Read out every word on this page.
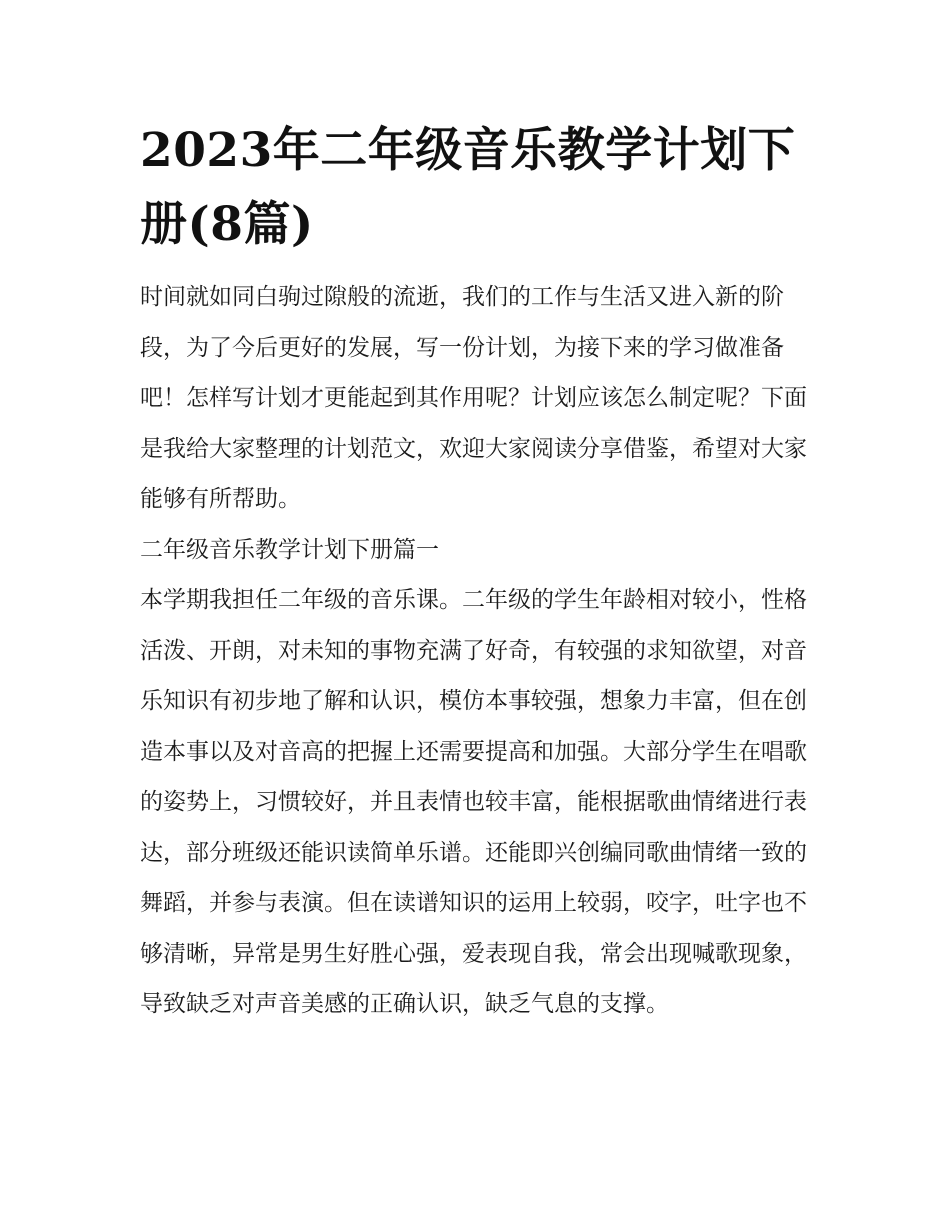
2023年二年级音乐教学计划下册(8篇)

时间就如同白驹过隙般的流逝，我们的工作与生活又进入新的阶段，为了今后更好的发展，写一份计划，为接下来的学习做准备吧！怎样写计划才更能起到其作用呢？计划应该怎么制定呢？下面是我给大家整理的计划范文，欢迎大家阅读分享借鉴，希望对大家能够有所帮助。

二年级音乐教学计划下册篇一

本学期我担任二年级的音乐课。二年级的学生年龄相对较小，性格活泼、开朗，对未知的事物充满了好奇，有较强的求知欲望，对音乐知识有初步地了解和认识，模仿本事较强，想象力丰富，但在创造本事以及对音高的把握上还需要提高和加强。大部分学生在唱歌的姿势上，习惯较好，并且表情也较丰富，能根据歌曲情绪进行表达，部分班级还能识读简单乐谱。还能即兴创编同歌曲情绪一致的舞蹈，并参与表演。但在读谱知识的运用上较弱，咬字，吐字也不够清晰，异常是男生好胜心强，爱表现自我，常会出现喊歌现象，导致缺乏对声音美感的正确认识，缺乏气息的支撑。
